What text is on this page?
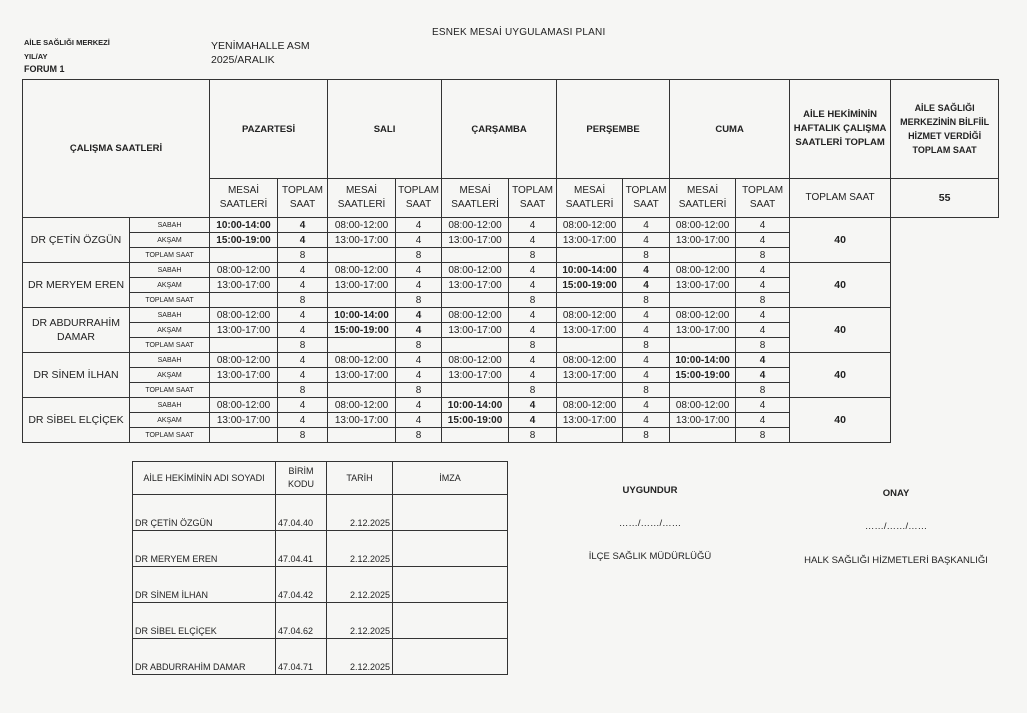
AİLE SAĞLIĞI MERKEZİ	YENİMAHALLE ASM
YIL/AY	2025/ARALIK
FORUM 1
ESNEK MESAİ UYGULAMASI PLANI
ÇALIŞMA SAATLERİ		PAZARTESİ		SALI		ÇARŞAMBA		PERŞEMBE		CUMA		AİLE HEKİMİNİN HAFTALIK ÇALIŞMA SAATLERİ TOPLAM	AİLE SAĞLIĞI MERKEZİNİN BİLFİİL HİZMET VERDİĞİ TOPLAM SAAT
		MESAİ SAATLERİ	TOPLAM SAAT	MESAİ SAATLERİ	TOPLAM SAAT	MESAİ SAATLERİ	TOPLAM SAAT	MESAİ SAATLERİ	TOPLAM SAAT	MESAİ SAATLERİ	TOPLAM SAAT	TOPLAM SAAT	55
DR ÇETİN ÖZGÜN	SABAH	10:00-14:00	4	08:00-12:00	4	08:00-12:00	4	08:00-12:00	4	08:00-12:00	4	40	
	AKŞAM	15:00-19:00	4	13:00-17:00	4	13:00-17:00	4	13:00-17:00	4	13:00-17:00	4		
	TOPLAM SAAT		8		8		8		8		8		
DR MERYEM EREN	SABAH	08:00-12:00	4	08:00-12:00	4	08:00-12:00	4	10:00-14:00	4	08:00-12:00	4	40	
	AKŞAM	13:00-17:00	4	13:00-17:00	4	13:00-17:00	4	15:00-19:00	4	13:00-17:00	4		
	TOPLAM SAAT		8		8		8		8		8		
DR ABDURRAHİM DAMAR	SABAH	08:00-12:00	4	10:00-14:00	4	08:00-12:00	4	08:00-12:00	4	08:00-12:00	4	40	
	AKŞAM	13:00-17:00	4	15:00-19:00	4	13:00-17:00	4	13:00-17:00	4	13:00-17:00	4		
	TOPLAM SAAT		8		8		8		8		8		
DR SİNEM İLHAN	SABAH	08:00-12:00	4	08:00-12:00	4	08:00-12:00	4	08:00-12:00	4	10:00-14:00	4	40	
	AKŞAM	13:00-17:00	4	13:00-17:00	4	13:00-17:00	4	13:00-17:00	4	15:00-19:00	4		
	TOPLAM SAAT		8		8		8		8		8		
DR SİBEL ELÇİÇEK	SABAH	08:00-12:00	4	08:00-12:00	4	10:00-14:00	4	08:00-12:00	4	08:00-12:00	4	40	
	AKŞAM	13:00-17:00	4	13:00-17:00	4	15:00-19:00	4	13:00-17:00	4	13:00-17:00	4		
	TOPLAM SAAT		8		8		8		8		8		
AİLE HEKİMİNİN ADI SOYADI	BİRİM KODU	TARİH	İMZA
DR ÇETİN ÖZGÜN	47.04.40	2.12.2025	
DR MERYEM EREN	47.04.41	2.12.2025	
DR SİNEM İLHAN	47.04.42	2.12.2025	
DR SİBEL ELÇİÇEK	47.04.62	2.12.2025	
DR ABDURRAHİM DAMAR	47.04.71	2.12.2025	
UYGUNDUR
……/……/……
İLÇE SAĞLIK MÜDÜRLÜĞÜ
ONAY
……/……/……
HALK SAĞLIĞI HİZMETLERİ BAŞKANLIĞI
